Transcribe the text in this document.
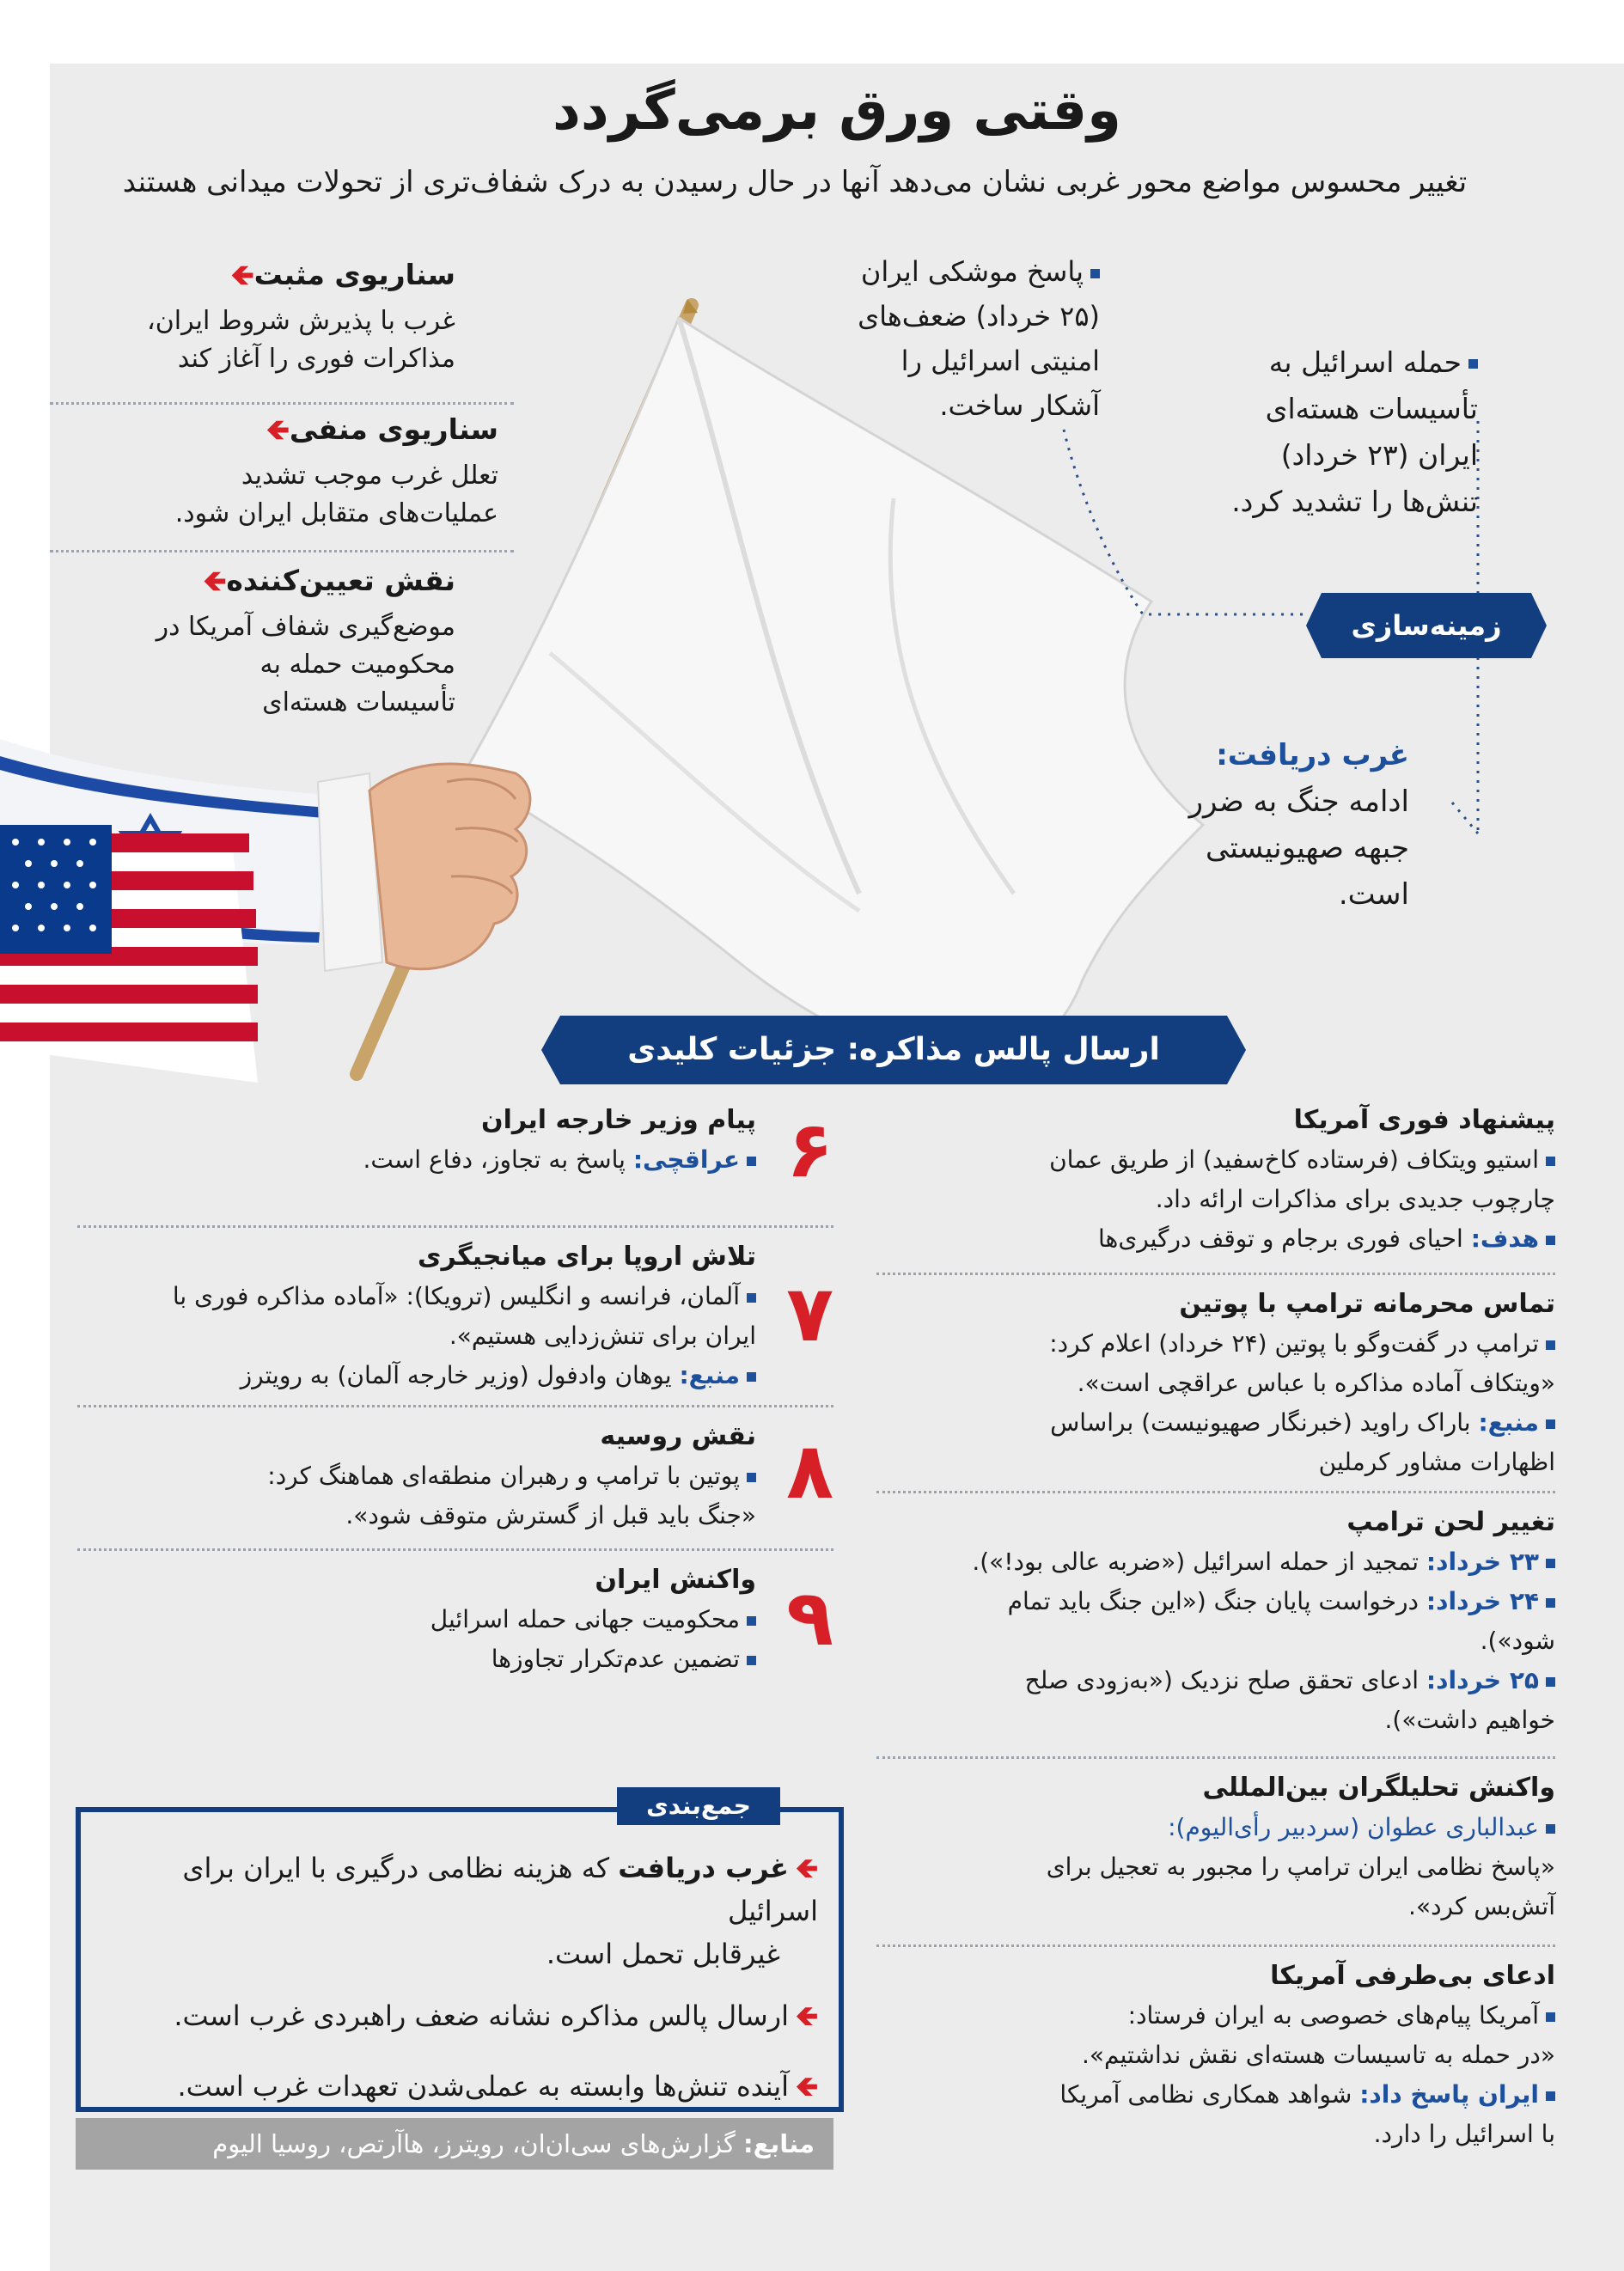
وقتی ورق برمی‌گردد
تغییر محسوس مواضع محور غربی نشان می‌دهد آنها در حال رسیدن به درک شفاف‌تری از تحولات میدانی هستند
سناریوی مثبت🡸
غرب با پذیرش شروط ایران،
مذاکرات فوری را آغاز کند
سناریوی منفی🡸
تعلل غرب موجب تشدید
عملیات‌های متقابل ایران شود.
نقش تعیین‌کننده🡸
موضع‌گیری شفاف آمریکا در
محکومیت حمله به
تأسیسات هسته‌ای
پاسخ موشکی ایران
(۲۵ خرداد) ضعف‌های
امنیتی اسرائیل را
آشکار ساخت.
حمله اسرائیل به
تأسیسات هسته‌ای
ایران (۲۳ خرداد)
تنش‌ها را تشدید کرد.
زمینه‌سازی
غرب دریافت:
ادامه جنگ به ضرر
جبهه صهیونیستی
است.
ارسال پالس مذاکره: جزئیات کلیدی
پیشنهاد فوری آمریکا
استیو ویتکاف (فرستاده کاخ‌سفید) از طریق عمان
چارچوب جدیدی برای مذاکرات ارائه داد.
هدف: احیای فوری برجام و توقف درگیری‌ها
تماس محرمانه ترامپ با پوتین
ترامپ در گفت‌وگو با پوتین (۲۴ خرداد) اعلام کرد:
«ویتکاف آماده مذاکره با عباس عراقچی است».
منبع: باراک راوید (خبرنگار صهیونیست) براساس
اظهارات مشاور کرملین
تغییر لحن ترامپ
۲۳ خرداد: تمجید از حمله اسرائیل («ضربه عالی بود!»).
۲۴ خرداد: درخواست پایان جنگ («این جنگ باید تمام
شود»).
۲۵ خرداد: ادعای تحقق صلح نزدیک («به‌زودی صلح
خواهیم داشت»).
واکنش تحلیلگران بین‌المللی
عبدالباری عطوان (سردبیر رأی‌الیوم):
«پاسخ نظامی ایران ترامپ را مجبور به تعجیل برای
آتش‌بس کرد».
ادعای بی‌طرفی آمریکا
آمریکا پیام‌های خصوصی به ایران فرستاد:
«در حمله به تاسیسات هسته‌ای نقش نداشتیم».
ایران پاسخ داد: شواهد همکاری نظامی آمریکا
با اسرائیل را دارد.
۶
پیام وزیر خارجه ایران
عراقچی: پاسخ به تجاوز، دفاع است.
۷
تلاش اروپا برای میانجیگری
آلمان، فرانسه و انگلیس (ترویکا): «آماده مذاکره فوری با
ایران برای تنش‌زدایی هستیم».
منبع: یوهان وادفول (وزیر خارجه آلمان) به رویترز
۸
نقش روسیه
پوتین با ترامپ و رهبران منطقه‌ای هماهنگ کرد:
«جنگ باید قبل از گسترش متوقف شود».
۹
واکنش ایران
محکومیت جهانی حمله اسرائیل
تضمین عدم‌تکرار تجاوزها
🡸غرب دریافت که هزینه نظامی درگیری با ایران برای اسرائیل
غیرقابل تحمل است.
🡸ارسال پالس مذاکره نشانه ضعف راهبردی غرب است.
🡸آینده تنش‌ها وابسته به عملی‌شدن تعهدات غرب است.
جمع‌بندی
منابع: گزارش‌های سی‌ان‌ان، رویترز، هاآرتص، روسیا الیوم
